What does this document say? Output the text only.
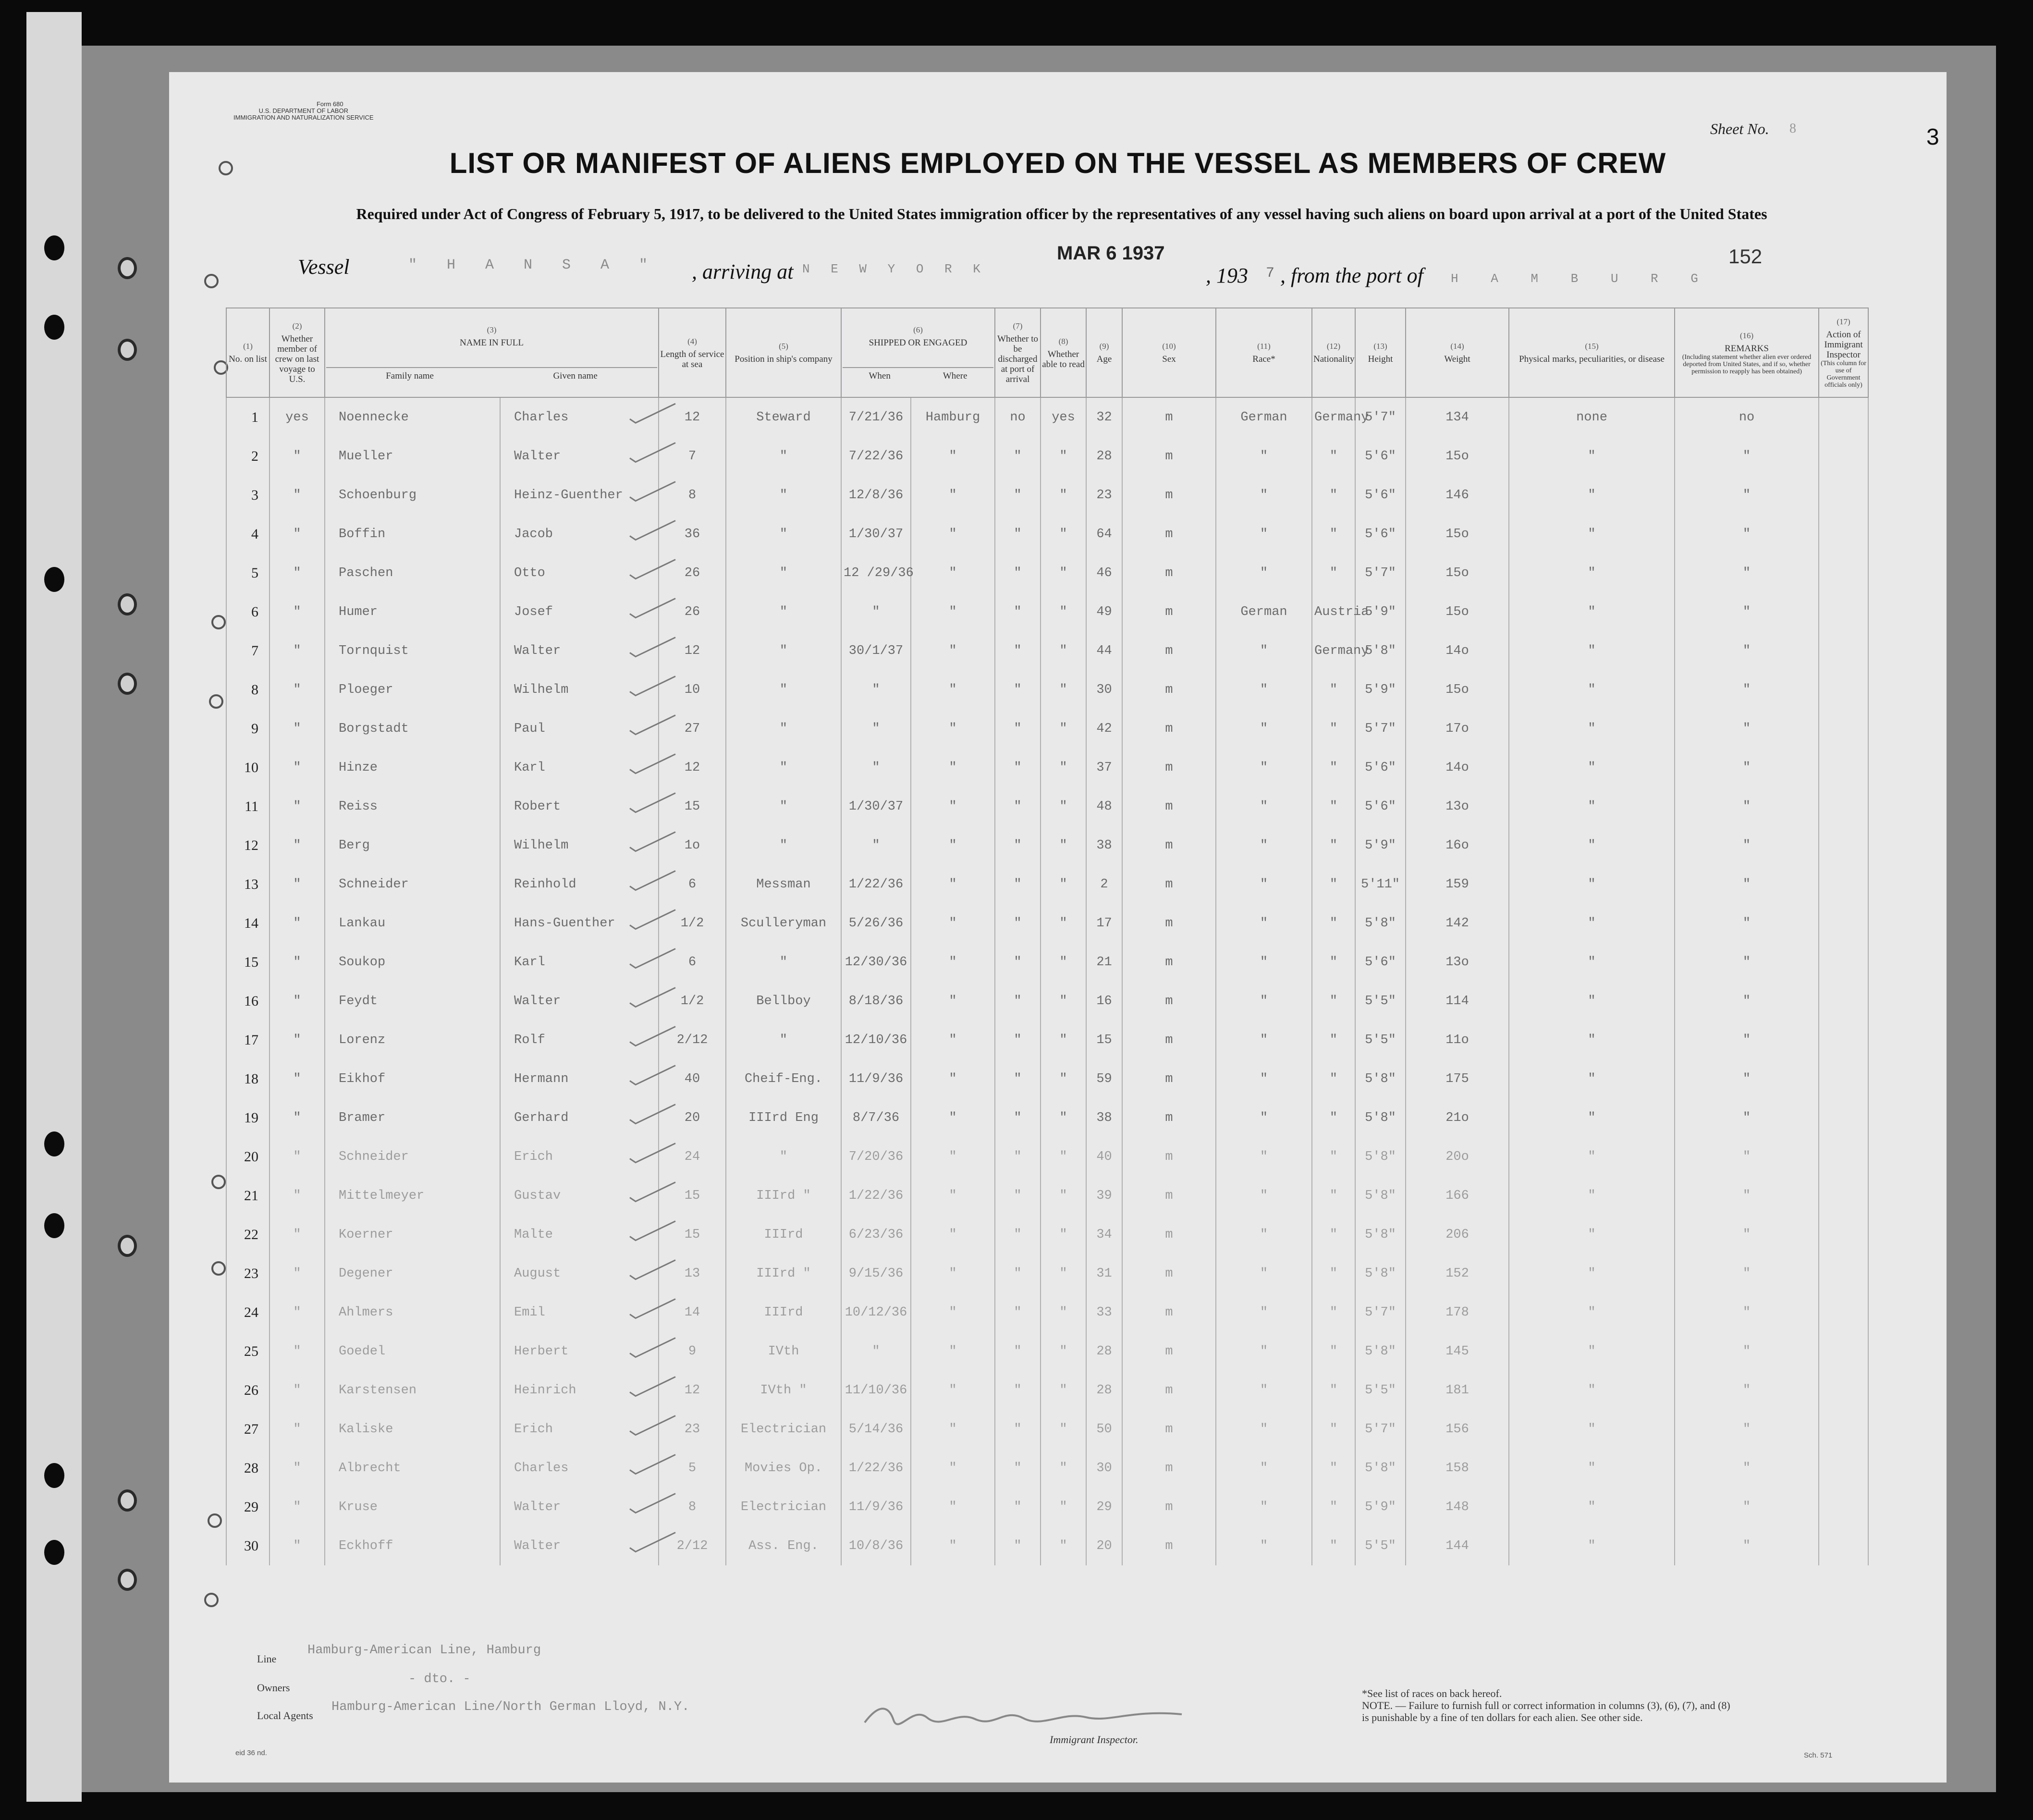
Form 680
U.S. DEPARTMENT OF LABOR
IMMIGRATION AND NATURALIZATION SERVICE
Sheet No. 8	3
LIST OR MANIFEST OF ALIENS EMPLOYED ON THE VESSEL AS MEMBERS OF CREW
Required under Act of Congress of February 5, 1917, to be delivered to the United States immigration officer by the representatives of any vessel having such aliens on board upon arrival at a port of the United States
Vessel	" H A N S A " , arriving at N E W Y O R K
MAR 6 1937
, 193 7 , from the port of H A M B U R G
152
(1)
No. on list	(2)
Whether member of crew on last voyage to U.S.	(3)
NAME IN FULL
Family name Given name		(4)
Length of service at sea	(5)
Position in ship's company	(6)
SHIPPED OR ENGAGED
When Where		(7)
Whether to be discharged at port of arrival	(8)
Whether able to read	(9)
Age	(10)
Sex	(11)
Race*	(12)
Nationality	(13)
Height	(14)
Weight	(15)
Physical marks, peculiarities, or disease	(16)
REMARKS
(Including statement whether alien ever ordered deported from United States, and if so, whether permission to reapply has been obtained)	(17)
Action of Immigrant Inspector
(This column for use of Government officials only)

1	yes	Noennecke	Charles	12	Steward	7/21/36	Hamburg	no	yes	32	m	German	Germany	5'7"	134	none	no	
2	"	Mueller	Walter	7	"	7/22/36	"	"	"	28	m	"	"	5'6"	15o	"	"	
3	"	Schoenburg	Heinz-Guenther	8	"	12/8/36	"	"	"	23	m	"	"	5'6"	146	"	"	
4	"	Boffin	Jacob	36	"	1/30/37	"	"	"	64	m	"	"	5'6"	15o	"	"	
5	"	Paschen	Otto	26	"	12 /29/36	"	"	"	46	m	"	"	5'7"	15o	"	"	
6	"	Humer	Josef	26	"	"	"	"	"	49	m	German	Austria	5'9"	15o	"	"	
7	"	Tornquist	Walter	12	"	30/1/37	"	"	"	44	m	"	Germany	5'8"	14o	"	"	
8	"	Ploeger	Wilhelm	10	"	"	"	"	"	30	m	"	"	5'9"	15o	"	"	
9	"	Borgstadt	Paul	27	"	"	"	"	"	42	m	"	"	5'7"	17o	"	"	
10	"	Hinze	Karl	12	"	"	"	"	"	37	m	"	"	5'6"	14o	"	"	
11	"	Reiss	Robert	15	"	1/30/37	"	"	"	48	m	"	"	5'6"	13o	"	"	
12	"	Berg	Wilhelm	1o	"	"	"	"	"	38	m	"	"	5'9"	16o	"	"	
13	"	Schneider	Reinhold	6	Messman	1/22/36	"	"	"	2	m	"	"	5'11"	159	"	"	
14	"	Lankau	Hans-Guenther	1/2	Sculleryman	5/26/36	"	"	"	17	m	"	"	5'8"	142	"	"	
15	"	Soukop	Karl	6	"	12/30/36	"	"	"	21	m	"	"	5'6"	13o	"	"	
16	"	Feydt	Walter	1/2	Bellboy	8/18/36	"	"	"	16	m	"	"	5'5"	114	"	"	
17	"	Lorenz	Rolf	2/12	"	12/10/36	"	"	"	15	m	"	"	5'5"	11o	"	"	
18	"	Eikhof	Hermann	40	Cheif-Eng.	11/9/36	"	"	"	59	m	"	"	5'8"	175	"	"	
19	"	Bramer	Gerhard	20	IIIrd Eng	8/7/36	"	"	"	38	m	"	"	5'8"	21o	"	"	
20	"	Schneider	Erich	24	"	7/20/36	"	"	"	40	m	"	"	5'8"	20o	"	"	
21	"	Mittelmeyer	Gustav	15	IIIrd "	1/22/36	"	"	"	39	m	"	"	5'8"	166	"	"	
22	"	Koerner	Malte	15	IIIrd	6/23/36	"	"	"	34	m	"	"	5'8"	206	"	"	
23	"	Degener	August	13	IIIrd "	9/15/36	"	"	"	31	m	"	"	5'8"	152	"	"	
24	"	Ahlmers	Emil	14	IIIrd	10/12/36	"	"	"	33	m	"	"	5'7"	178	"	"	
25	"	Goedel	Herbert	9	IVth	"	"	"	"	28	m	"	"	5'8"	145	"	"	
26	"	Karstensen	Heinrich	12	IVth "	11/10/36	"	"	"	28	m	"	"	5'5"	181	"	"	
27	"	Kaliske	Erich	23	Electrician	5/14/36	"	"	"	50	m	"	"	5'7"	156	"	"	
28	"	Albrecht	Charles	5	Movies Op.	1/22/36	"	"	"	30	m	"	"	5'8"	158	"	"	
29	"	Kruse	Walter	8	Electrician	11/9/36	"	"	"	29	m	"	"	5'9"	148	"	"	
30	"	Eckhoff	Walter	2/12	Ass. Eng.	10/8/36	"	"	"	20	m	"	"	5'5"	144	"	"	
Line
Hamburg-American Line, Hamburg
Owners
- dto. -
Local Agents
Hamburg-American Line/North German Lloyd, N.Y.
Immigrant Inspector.
*See list of races on back hereof.
NOTE. — Failure to furnish full or correct information in columns (3), (6), (7), and (8) is punishable by a fine of ten dollars for each alien. See other side.
eid 36 nd.	Sch. 571
